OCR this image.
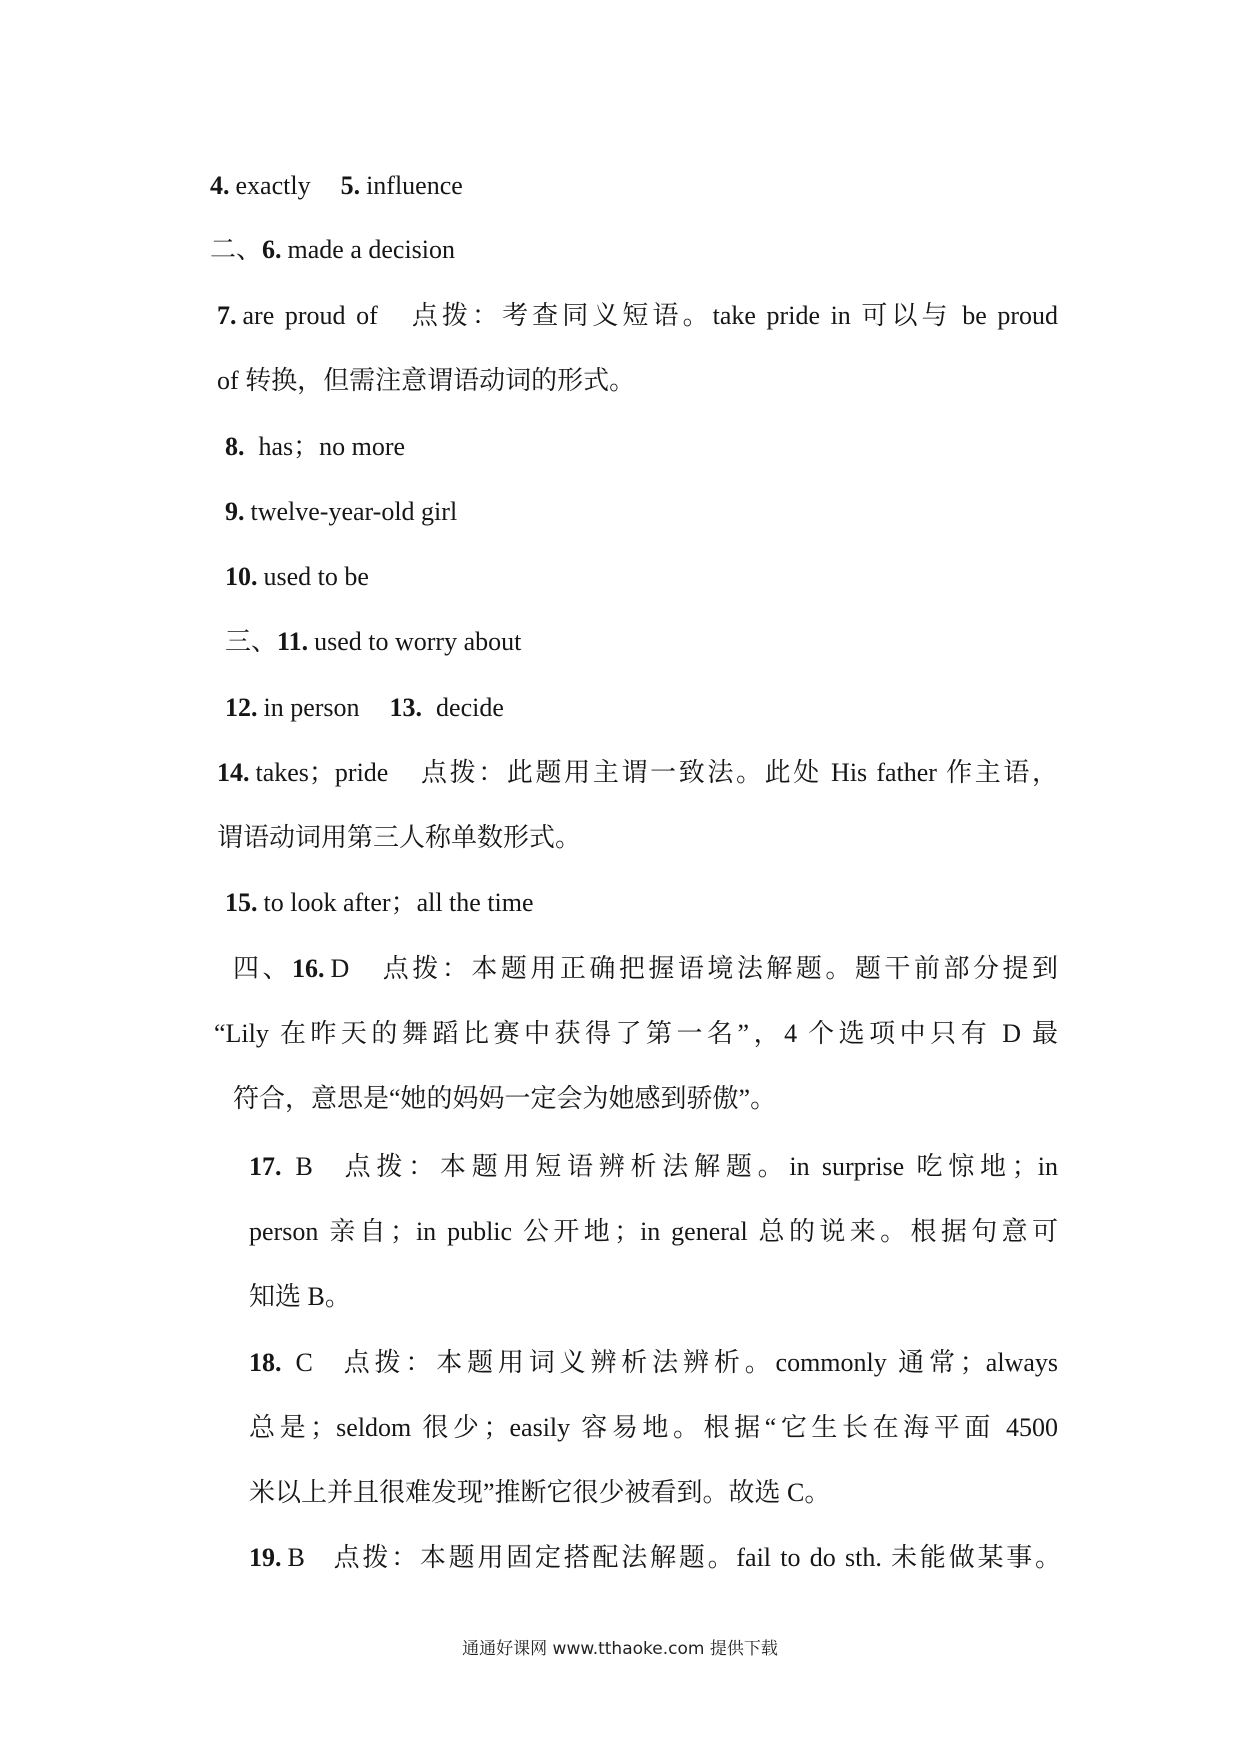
4. exactly 5. influence
二、6. made a decision
7. are proud of 点拨：考查同义短语。take pride in 可以与 be proud
of 转换，但需注意谓语动词的形式。
8. has；no more
9. twelve-year-old girl
10. used to be
三、11. used to worry about
12. in person 13. decide
14. takes；pride 点拨：此题用主谓一致法。此处 His father 作主语，
谓语动词用第三人称单数形式。
15. to look after；all the time
四、16. D 点拨：本题用正确把握语境法解题。题干前部分提到
“Lily 在昨天的舞蹈比赛中获得了第一名”，4 个选项中只有 D 最
符合，意思是“她的妈妈一定会为她感到骄傲”。
17. B 点拨：本题用短语辨析法解题。in surprise 吃惊地；in
person 亲自；in public 公开地；in general 总的说来。根据句意可
知选 B。
18. C 点拨：本题用词义辨析法辨析。commonly 通常；always
总是；seldom 很少；easily 容易地。根据“它生长在海平面 4500
米以上并且很难发现”推断它很少被看到。故选 C。
19. B 点拨：本题用固定搭配法解题。fail to do sth. 未能做某事。
通通好课网 www.tthaoke.com 提供下载
